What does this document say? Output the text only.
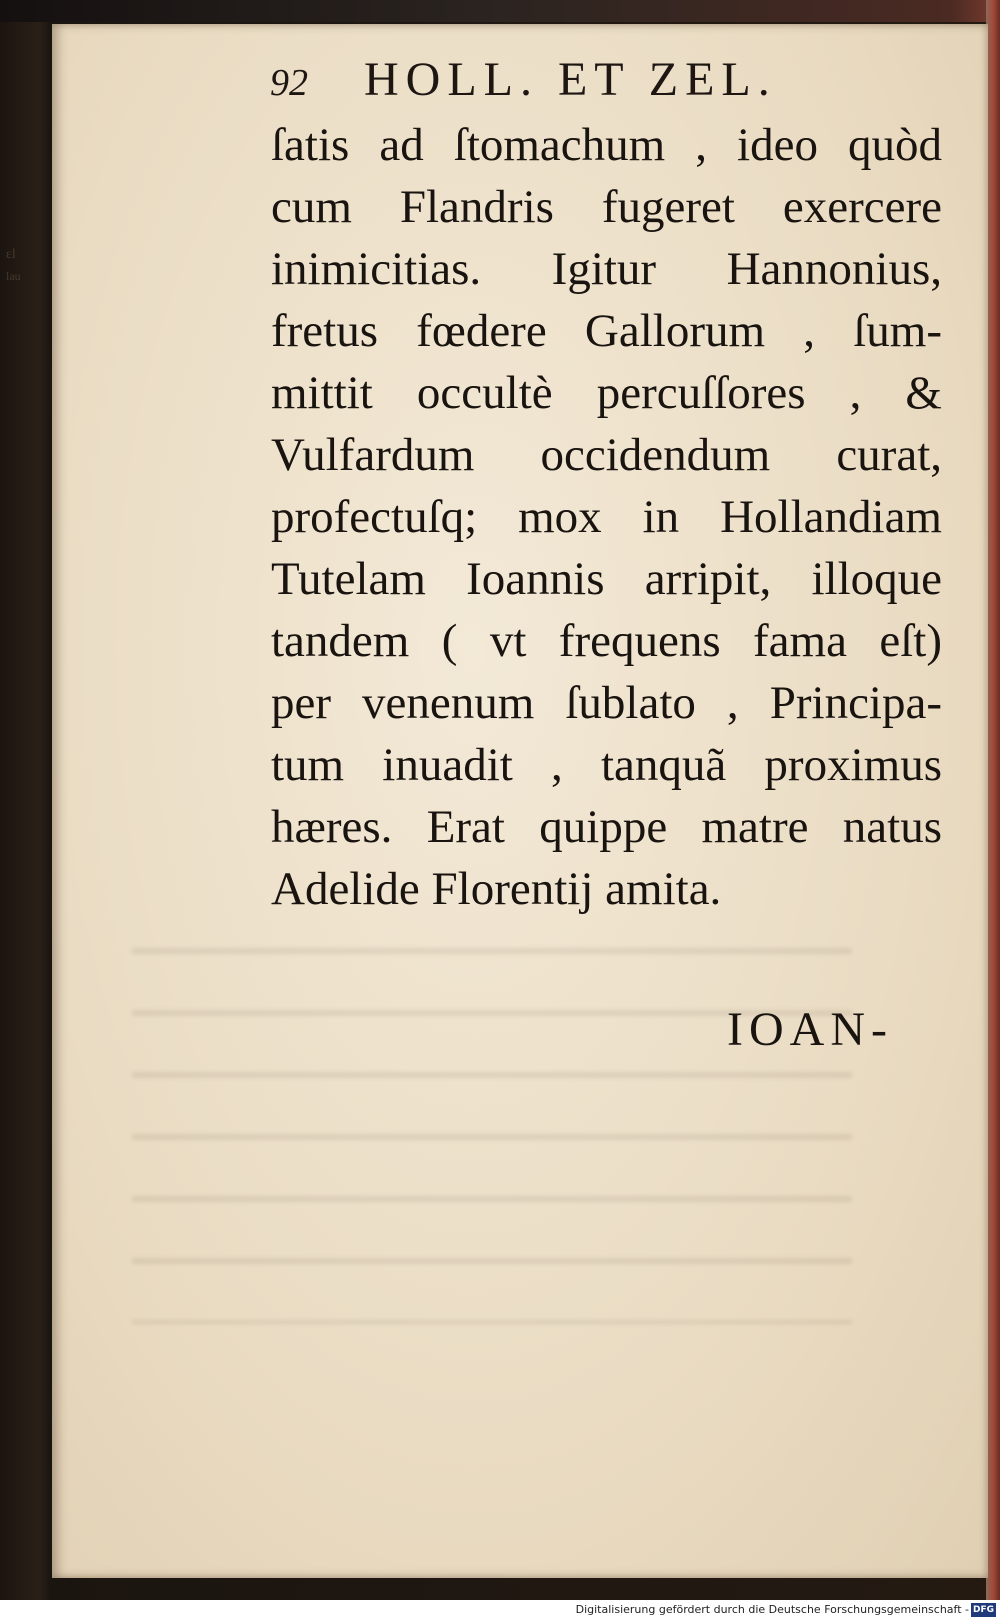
ɛl
lau
92 HOLL. ET ZEL.
ſatis ad ſtomachum , ideo quòd
cum Flandris fugeret exercere
inimicitias. Igitur Hannonius,
fretus fœdere Gallorum , ſum-
mittit occultè percuſſores , &
Vulfardum occidendum curat,
profectuſq; mox in Hollandiam
Tutelam Ioannis arripit, illoque
tandem ( vt frequens fama eſt)
per venenum ſublato , Principa-
tum inuadit , tanquã proximus
hæres. Erat quippe matre natus
Adelide Florentij amita.
IOAN-
Digitalisierung gefördert durch die Deutsche Forschungsgemeinschaft - DFG
